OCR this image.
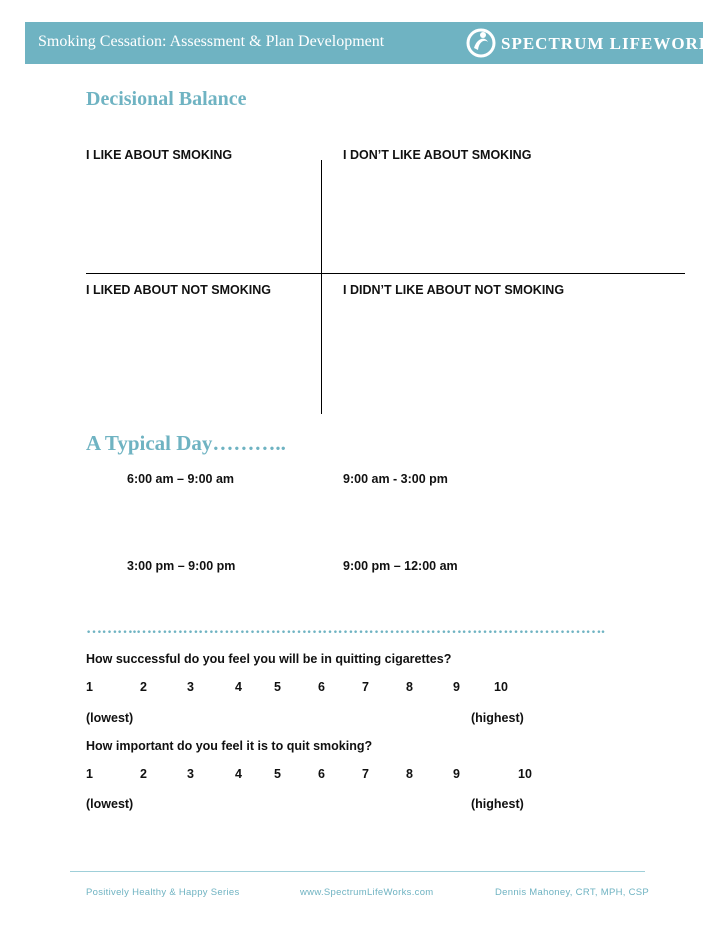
Smoking Cessation: Assessment & Plan Development	SPECTRUM LIFEWORKS
Decisional Balance
I LIKE ABOUT SMOKING	I DON’T LIKE ABOUT SMOKING
I LIKED ABOUT NOT SMOKING	I DIDN’T LIKE ABOUT NOT SMOKING
A Typical Day………..
6:00 am – 9:00 am	9:00 am - 3:00 pm
3:00 pm – 9:00 pm	9:00 pm – 12:00 am
……….……………………………………………………………………………….
How successful do you feel you will be in quitting cigarettes?
1	2	3	4	5	6	7	8	9	10
(lowest)	(highest)
How important do you feel it is to quit smoking?
1	2	3	4	5	6	7	8	9	10
(lowest)	(highest)
Positively Healthy & Happy Series	www.SpectrumLifeWorks.com	Dennis Mahoney, CRT, MPH, CSP
